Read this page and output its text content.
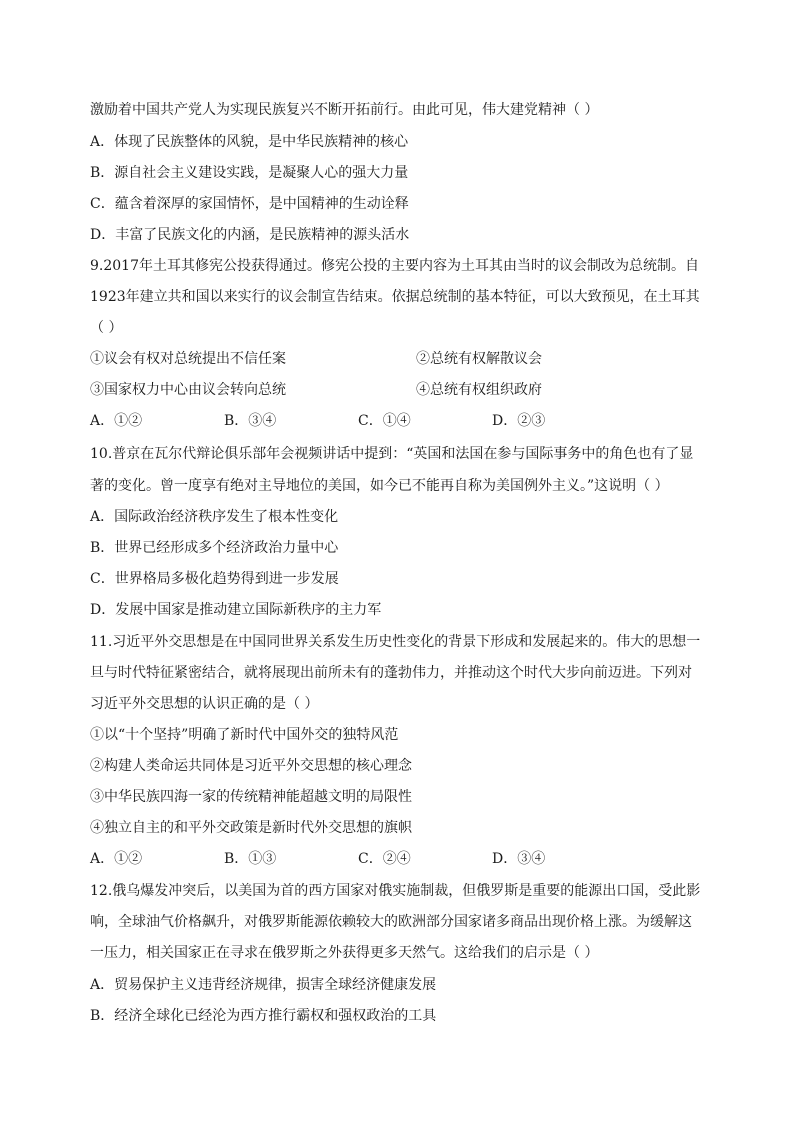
激励着中国共产党人为实现民族复兴不断开拓前行。由此可见，伟大建党精神（ ）
A．体现了民族整体的风貌，是中华民族精神的核心
B．源自社会主义建设实践，是凝聚人心的强大力量
C．蕴含着深厚的家国情怀，是中国精神的生动诠释
D．丰富了民族文化的内涵，是民族精神的源头活水
9.2017年土耳其修宪公投获得通过。修宪公投的主要内容为土耳其由当时的议会制改为总统制。自
1923年建立共和国以来实行的议会制宣告结束。依据总统制的基本特征，可以大致预见，在土耳其
（ ）
①议会有权对总统提出不信任案	②总统有权解散议会
③国家权力中心由议会转向总统	④总统有权组织政府
A．①②	B．③④	C．①④	D．②③
10.普京在瓦尔代辩论俱乐部年会视频讲话中提到：“英国和法国在参与国际事务中的角色也有了显
著的变化。曾一度享有绝对主导地位的美国，如今已不能再自称为美国例外主义。”这说明（ ）
A．国际政治经济秩序发生了根本性变化
B．世界已经形成多个经济政治力量中心
C．世界格局多极化趋势得到进一步发展
D．发展中国家是推动建立国际新秩序的主力军
11.习近平外交思想是在中国同世界关系发生历史性变化的背景下形成和发展起来的。伟大的思想一
旦与时代特征紧密结合，就将展现出前所未有的蓬勃伟力，并推动这个时代大步向前迈进。下列对
习近平外交思想的认识正确的是（ ）
①以“十个坚持”明确了新时代中国外交的独特风范
②构建人类命运共同体是习近平外交思想的核心理念
③中华民族四海一家的传统精神能超越文明的局限性
④独立自主的和平外交政策是新时代外交思想的旗帜
A．①②	B．①③	C．②④	D．③④
12.俄乌爆发冲突后，以美国为首的西方国家对俄实施制裁，但俄罗斯是重要的能源出口国，受此影
响，全球油气价格飙升，对俄罗斯能源依赖较大的欧洲部分国家诸多商品出现价格上涨。为缓解这
一压力，相关国家正在寻求在俄罗斯之外获得更多天然气。这给我们的启示是（ ）
A．贸易保护主义违背经济规律，损害全球经济健康发展
B．经济全球化已经沦为西方推行霸权和强权政治的工具
